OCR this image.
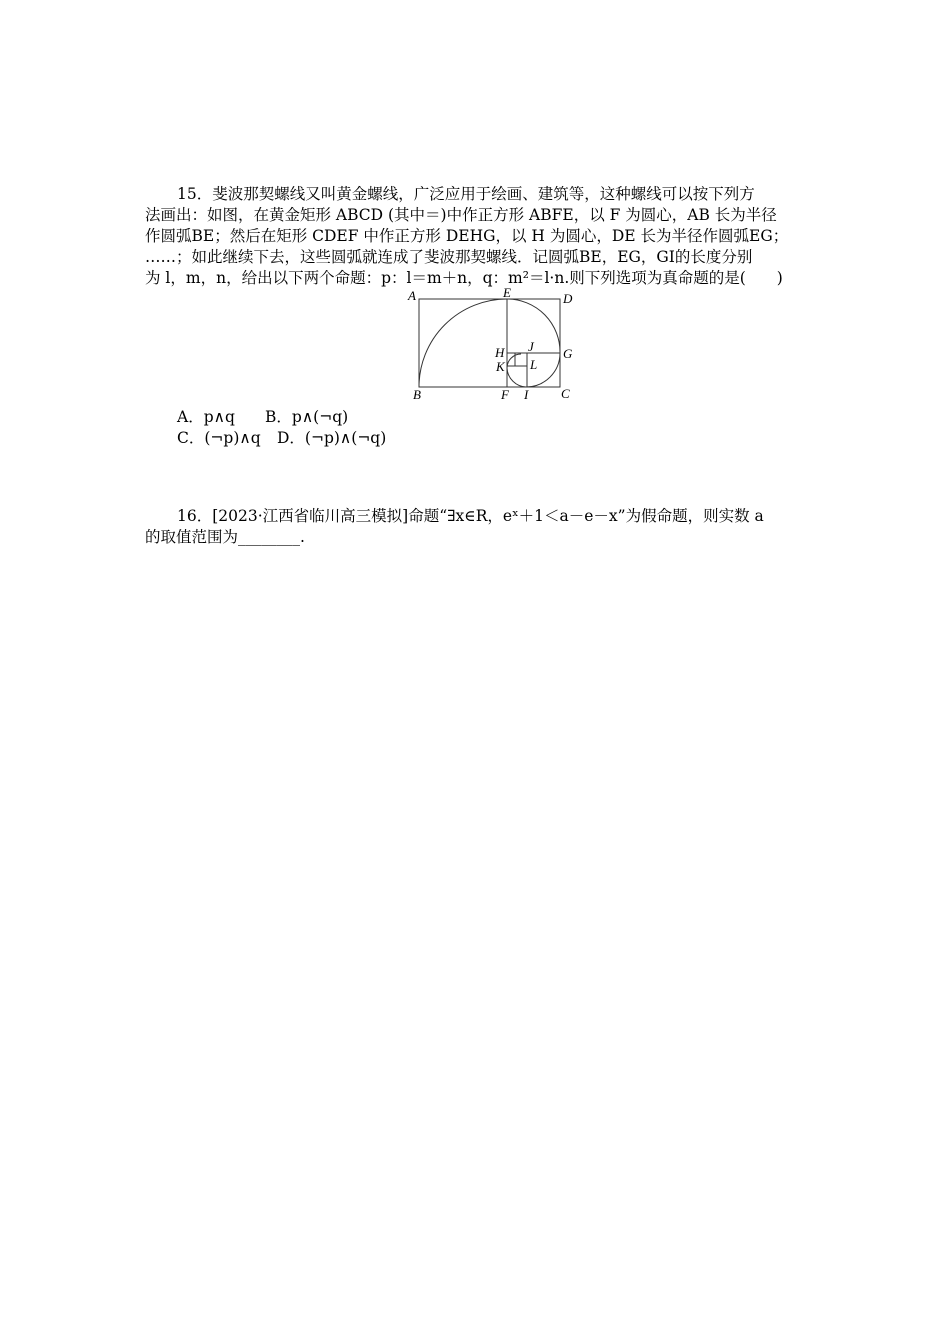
15．斐波那契螺线又叫黄金螺线，广泛应用于绘画、建筑等，这种螺线可以按下列方
法画出：如图，在黄金矩形 ABCD (其中＝)中作正方形 ABFE，以 F 为圆心，AB 长为半径
作圆弧BE；然后在矩形 CDEF 中作正方形 DEHG，以 H 为圆心，DE 长为半径作圆弧EG；
……；如此继续下去，这些圆弧就连成了斐波那契螺线．记圆弧BE，EG，GI的长度分别
为 l，m，n，给出以下两个命题：p：l＝m＋n，q：m²＝l·n.则下列选项为真命题的是(　　)
A
B	C
D
E
F
G
H
I
J
K L
A．p∧q B．p∧(¬q)
C．(¬p)∧q D．(¬p)∧(¬q)
16．[2023·江西省临川高三模拟]命题“∃x∈R，eˣ＋1＜a－e－x”为假命题，则实数 a
的取值范围为________.
